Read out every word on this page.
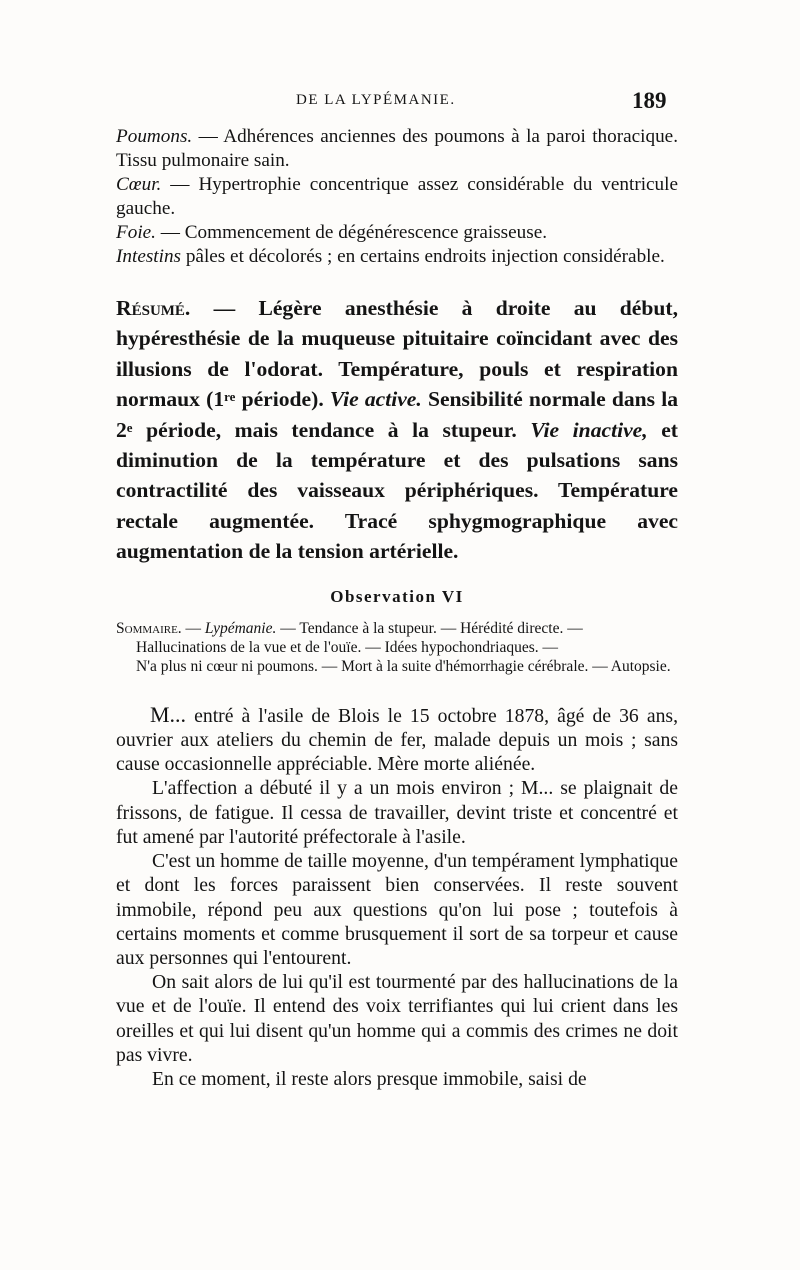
DE LA LYPÉMANIE.	189

Poumons. — Adhérences anciennes des poumons à la paroi thoracique. Tissu pulmonaire sain.

Cœur. — Hypertrophie concentrique assez considérable du ventricule gauche.

Foie. — Commencement de dégénérescence graisseuse.

Intestins pâles et décolorés ; en certains endroits injection considérable.

Résumé. — Légère anesthésie à droite au début, hypéresthésie de la muqueuse pituitaire coïncidant avec des illusions de l'odorat. Température, pouls et respiration normaux (1re période). Vie active. Sensibilité normale dans la 2e période, mais tendance à la stupeur. Vie inactive, et diminution de la température et des pulsations sans contractilité des vaisseaux périphériques. Température rectale augmentée. Tracé sphygmographique avec augmentation de la tension artérielle.

Observation VI

Sommaire. — Lypémanie. — Tendance à la stupeur. — Hérédité directe. —

Hallucinations de la vue et de l'ouïe. — Idées hypochondriaques. —

N'a plus ni cœur ni poumons. — Mort à la suite d'hémorrhagie cérébrale. — Autopsie.

M... entré à l'asile de Blois le 15 octobre 1878, âgé de 36 ans, ouvrier aux ateliers du chemin de fer, malade depuis un mois ; sans cause occasionnelle appréciable. Mère morte aliénée.

L'affection a débuté il y a un mois environ ; M... se plaignait de frissons, de fatigue. Il cessa de travailler, devint triste et concentré et fut amené par l'autorité préfectorale à l'asile.

C'est un homme de taille moyenne, d'un tempérament lymphatique et dont les forces paraissent bien conservées. Il reste souvent immobile, répond peu aux questions qu'on lui pose ; toutefois à certains moments et comme brusquement il sort de sa torpeur et cause aux personnes qui l'entourent.

On sait alors de lui qu'il est tourmenté par des hallucinations de la vue et de l'ouïe. Il entend des voix terrifiantes qui lui crient dans les oreilles et qui lui disent qu'un homme qui a commis des crimes ne doit pas vivre.

En ce moment, il reste alors presque immobile, saisi de
